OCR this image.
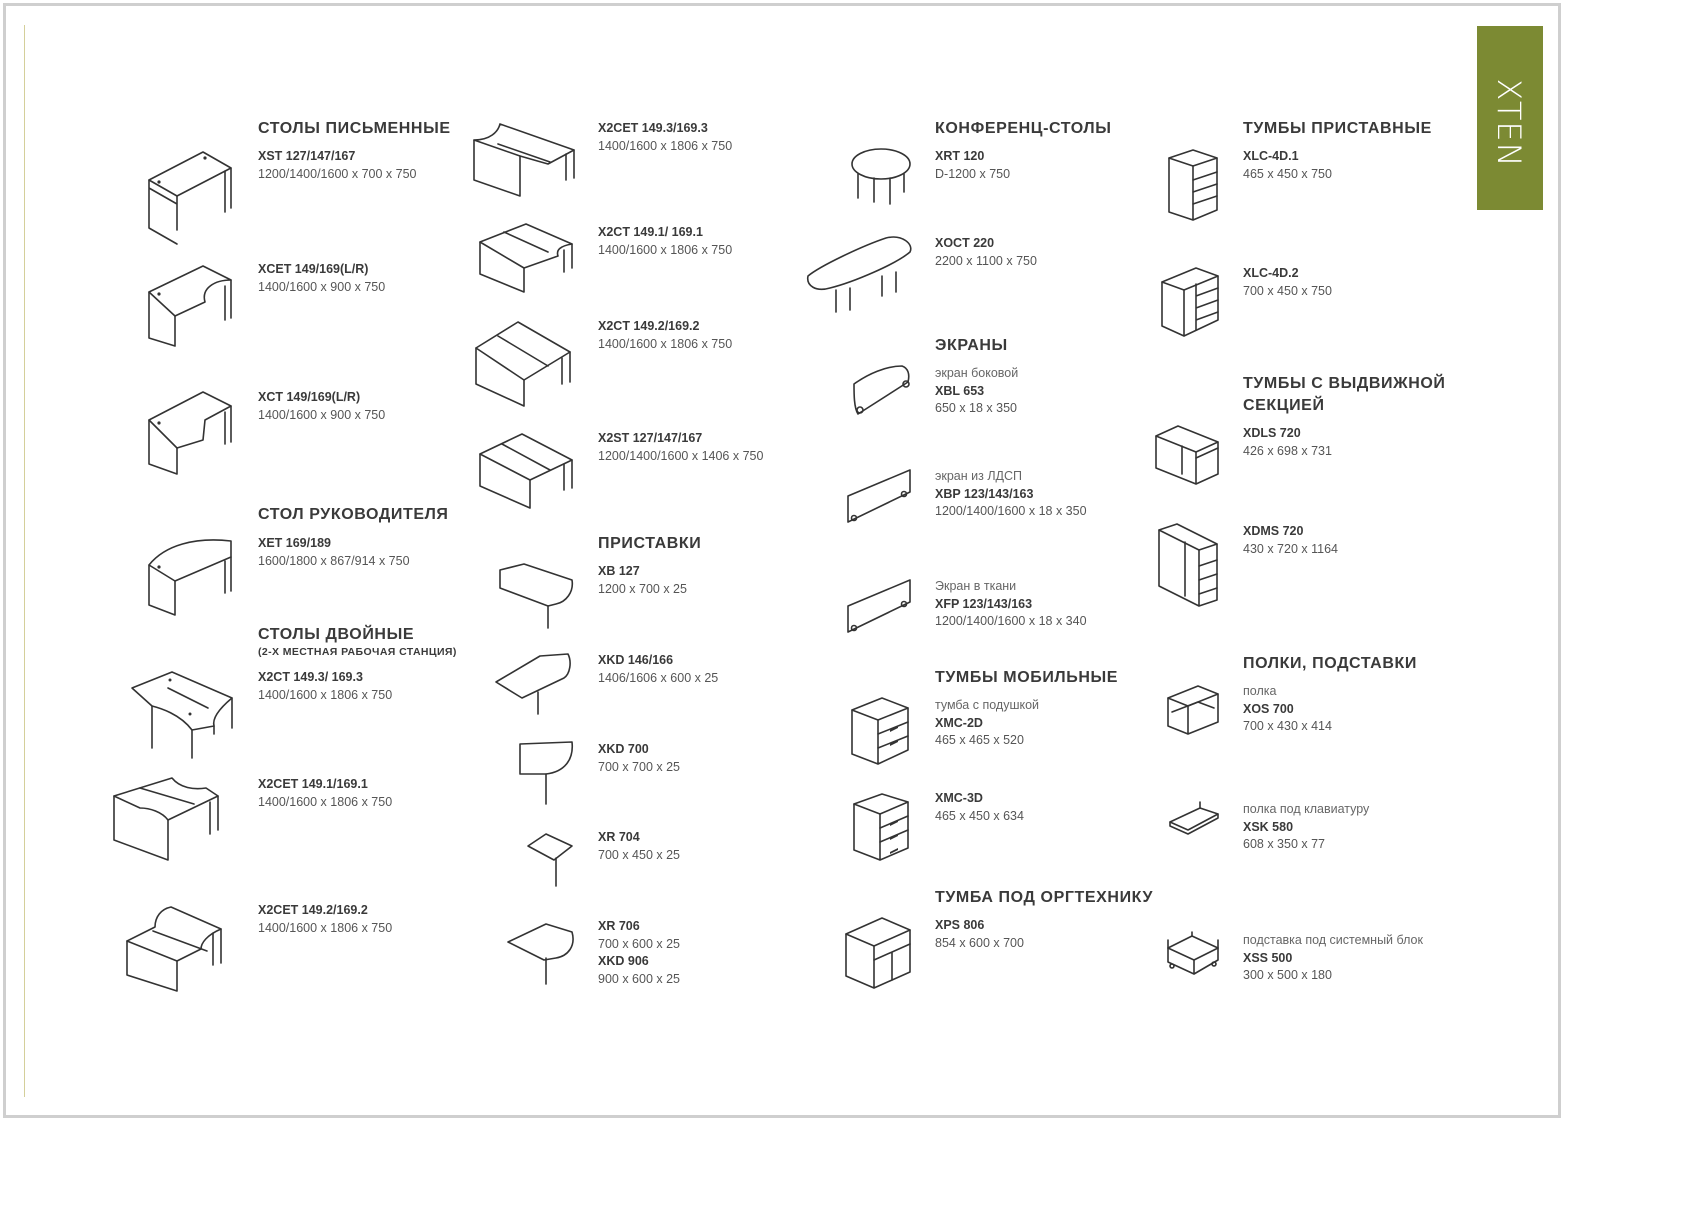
XTEN
СТОЛЫ ПИСЬМЕННЫЕ
XST 127/147/167
1200/1400/1600 x 700 x 750
XCET 149/169(L/R)
1400/1600 x 900 x 750
XCT 149/169(L/R)
1400/1600 x 900 x 750
СТОЛ РУКОВОДИТЕЛЯ
XET 169/189
1600/1800 x 867/914 x 750
СТОЛЫ ДВОЙНЫЕ
(2-Х МЕСТНАЯ РАБОЧАЯ СТАНЦИЯ)
X2CT 149.3/ 169.3
1400/1600 x 1806 x 750
X2CET 149.1/169.1
1400/1600 x 1806 x 750
X2CET 149.2/169.2
1400/1600 x 1806 x 750
X2CET 149.3/169.3
1400/1600 x 1806 x 750
X2CT 149.1/ 169.1
1400/1600 x 1806 x 750
X2CT 149.2/169.2
1400/1600 x 1806 x 750
X2ST 127/147/167
1200/1400/1600 x 1406 x 750
ПРИСТАВКИ
XB 127
1200 x 700 x 25
XKD 146/166
1406/1606 x 600 x 25
XKD 700
700 x 700 x 25
XR 704
700 x 450 x 25
XR 706
700 x 600 x 25
XKD 906
900 x 600 x 25
КОНФЕРЕНЦ-СТОЛЫ
XRT 120
D-1200 x 750
XOCT 220
2200 x 1100 x 750
ЭКРАНЫ
экран боковой
XBL 653
650 x 18 x 350
экран из ЛДСП
XBP 123/143/163
1200/1400/1600 x 18 x 350
Экран в ткани
XFP 123/143/163
1200/1400/1600 x 18 x 340
ТУМБЫ МОБИЛЬНЫЕ
тумба с подушкой
XMC-2D
465 x 465 x 520
XMC-3D
465 x 450 x 634
ТУМБА ПОД ОРГТЕХНИКУ
XPS 806
854 x 600 x 700
ТУМБЫ ПРИСТАВНЫЕ
XLC-4D.1
465 x 450 x 750
XLC-4D.2
700 x 450 x 750
ТУМБЫ С ВЫДВИЖНОЙ СЕКЦИЕЙ
XDLS 720
426 x 698 x 731
XDMS 720
430 x 720 x 1164
ПОЛКИ, ПОДСТАВКИ
полка
XOS 700
700 x 430 x 414
полка под клавиатуру
XSK 580
608 x 350 x 77
подставка под системный блок
XSS 500
300 x 500 x 180
